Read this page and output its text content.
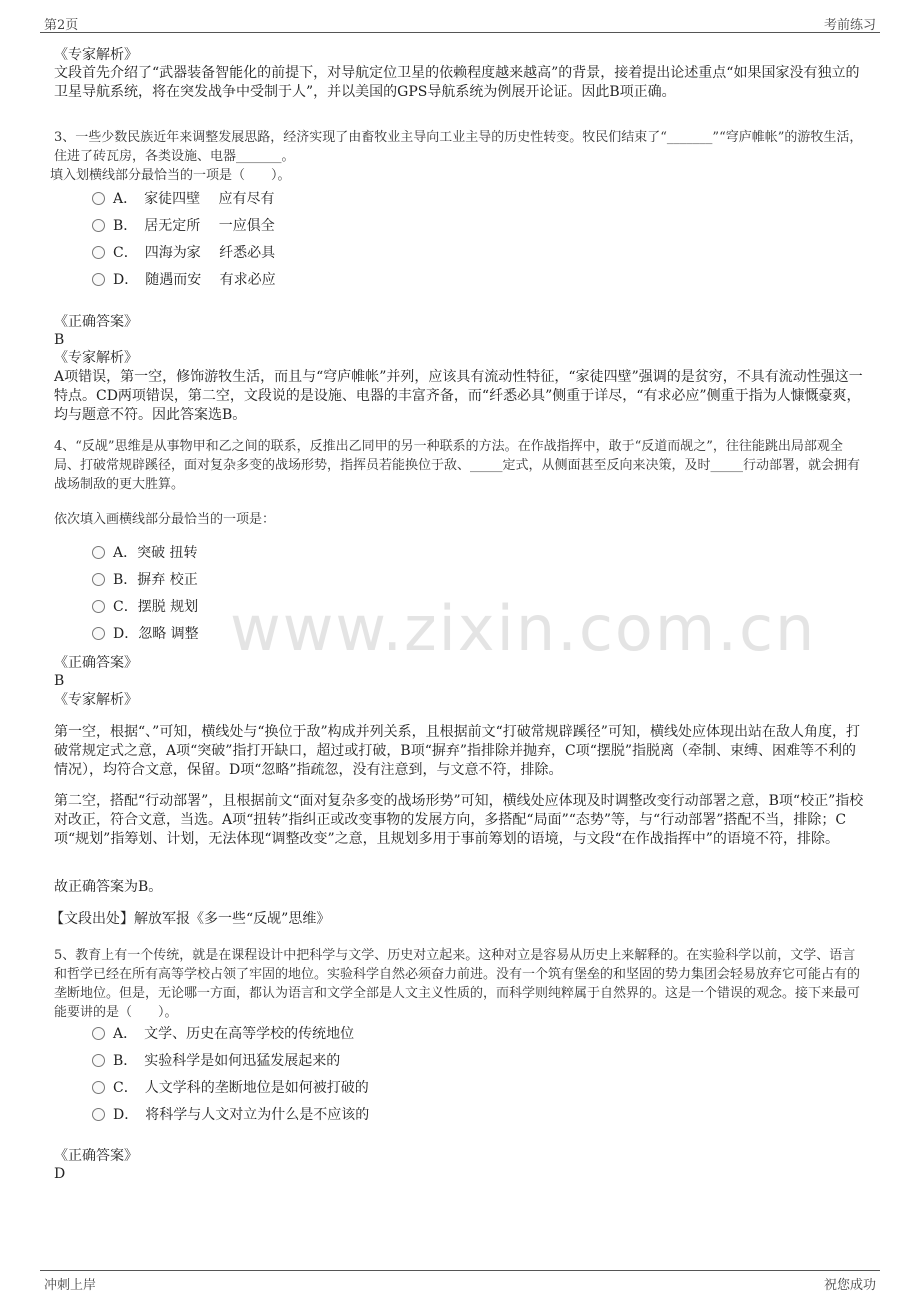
第2页	考前练习
www.zixin.com.cn
《专家解析》
文段首先介绍了“武器装备智能化的前提下，对导航定位卫星的依赖程度越来越高”的背景，接着提出论述重点“如果国家没有独立的卫星导航系统，将在突发战争中受制于人”，并以美国的GPS导航系统为例展开论证。因此B项正确。
3、一些少数民族近年来调整发展思路，经济实现了由畜牧业主导向工业主导的历史性转变。牧民们结束了“_______”“穹庐帷帐”的游牧生活，住进了砖瓦房，各类设施、电器_______。
填入划横线部分最恰当的一项是（　　）。
A．　家徒四壁　 应有尽有
B．　居无定所　 一应俱全
C．　四海为家　 纤悉必具
D．　随遇而安　 有求必应
《正确答案》
B
《专家解析》
A项错误，第一空，修饰游牧生活，而且与“穹庐帷帐”并列，应该具有流动性特征，“家徒四壁”强调的是贫穷，不具有流动性强这一特点。CD两项错误，第二空，文段说的是设施、电器的丰富齐备，而“纤悉必具”侧重于详尽，“有求必应”侧重于指为人慷慨豪爽，均与题意不符。因此答案选B。
4、“反觇”思维是从事物甲和乙之间的联系，反推出乙同甲的另一种联系的方法。在作战指挥中，敢于“反道而觇之”，往往能跳出局部观全局、打破常规辟蹊径，面对复杂多变的战场形势，指挥员若能换位于敌、_____定式，从侧面甚至反向来决策，及时_____行动部署，就会拥有战场制敌的更大胜算。
依次填入画横线部分最恰当的一项是：
A．突破 扭转
B．摒弃 校正
C．摆脱 规划
D．忽略 调整
《正确答案》
B
《专家解析》
第一空，根据“、”可知，横线处与“换位于敌”构成并列关系，且根据前文“打破常规辟蹊径”可知，横线处应体现出站在敌人角度，打破常规定式之意，A项“突破”指打开缺口，超过或打破，B项“摒弃”指排除并抛弃，C项“摆脱”指脱离（牵制、束缚、困难等不利的情况），均符合文意，保留。D项“忽略”指疏忽，没有注意到，与文意不符，排除。
第二空，搭配“行动部署”，且根据前文“面对复杂多变的战场形势”可知，横线处应体现及时调整改变行动部署之意，B项“校正”指校对改正，符合文意，当选。A项“扭转”指纠正或改变事物的发展方向，多搭配“局面”“态势”等，与“行动部署”搭配不当，排除；C项“规划”指筹划、计划，无法体现“调整改变”之意，且规划多用于事前筹划的语境，与文段“在作战指挥中”的语境不符，排除。
故正确答案为B。
【文段出处】解放军报《多一些“反觇”思维》
5、教育上有一个传统，就是在课程设计中把科学与文学、历史对立起来。这种对立是容易从历史上来解释的。在实验科学以前，文学、语言和哲学已经在所有高等学校占领了牢固的地位。实验科学自然必须奋力前进。没有一个筑有堡垒的和坚固的势力集团会轻易放弃它可能占有的垄断地位。但是，无论哪一方面，都认为语言和文学全部是人文主义性质的，而科学则纯粹属于自然界的。这是一个错误的观念。接下来最可能要讲的是（　　）。
A．　文学、历史在高等学校的传统地位
B．　实验科学是如何迅猛发展起来的
C．　人文学科的垄断地位是如何被打破的
D．　将科学与人文对立为什么是不应该的
《正确答案》
D
冲刺上岸	祝您成功
